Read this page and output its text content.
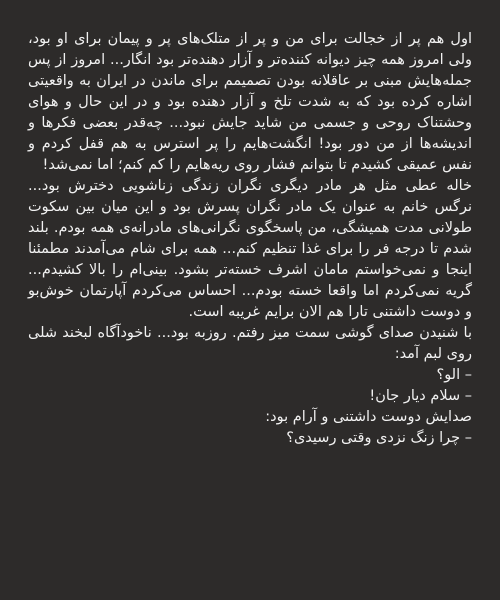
اول هم پر از خجالت برای من و پر از متلک‌های پر و پیمان برای او بود، ولی امروز همه چیز دیوانه کننده‌تر و آزار دهنده‌تر بود انگار... امروز از پس جمله‌هایش مبنی بر عاقلانه بودن تصمیمم برای ماندن در ایران به واقعیتی اشاره کرده بود که به شدت تلخ و آزار دهنده بود و در این حال و هوای وحشتناک روحی و جسمی من شاید جایش نبود... چه‌قدر بعضی فکرها و اندیشه‌ها از من دور بود! انگشت‌هایم را پر استرس به هم قفل کردم و نفس عمیقی کشیدم تا بتوانم فشار روی ریه‌هایم را کم کنم؛ اما نمی‌شد!

خاله عطی مثل هر مادر دیگری نگران زندگی زناشویی دخترش بود... نرگس خانم به عنوان یک مادر نگران پسرش بود و این میان بین سکوت طولانی مدت همیشگی، من پاسخگوی نگرانی‌های مادرانه‌ی همه بودم. بلند شدم تا درجه فر را برای غذا تنظیم کنم... همه برای شام می‌آمدند مطمئنا اینجا و نمی‌خواستم مامان اشرف خسته‌تر بشود. بینی‌ام را بالا کشیدم... گریه نمی‌کردم اما واقعا خسته بودم... احساس می‌کردم آپارتمان خوش‌بو و دوست داشتنی تارا هم الان برایم غریبه است.

با شنیدن صدای گوشی سمت میز رفتم. روزبه بود... ناخودآگاه لبخند شلی روی لبم آمد:

– الو؟

– سلام دیار جان!

صدایش دوست داشتنی و آرام بود:

– چرا زنگ نزدی وقتی رسیدی؟
